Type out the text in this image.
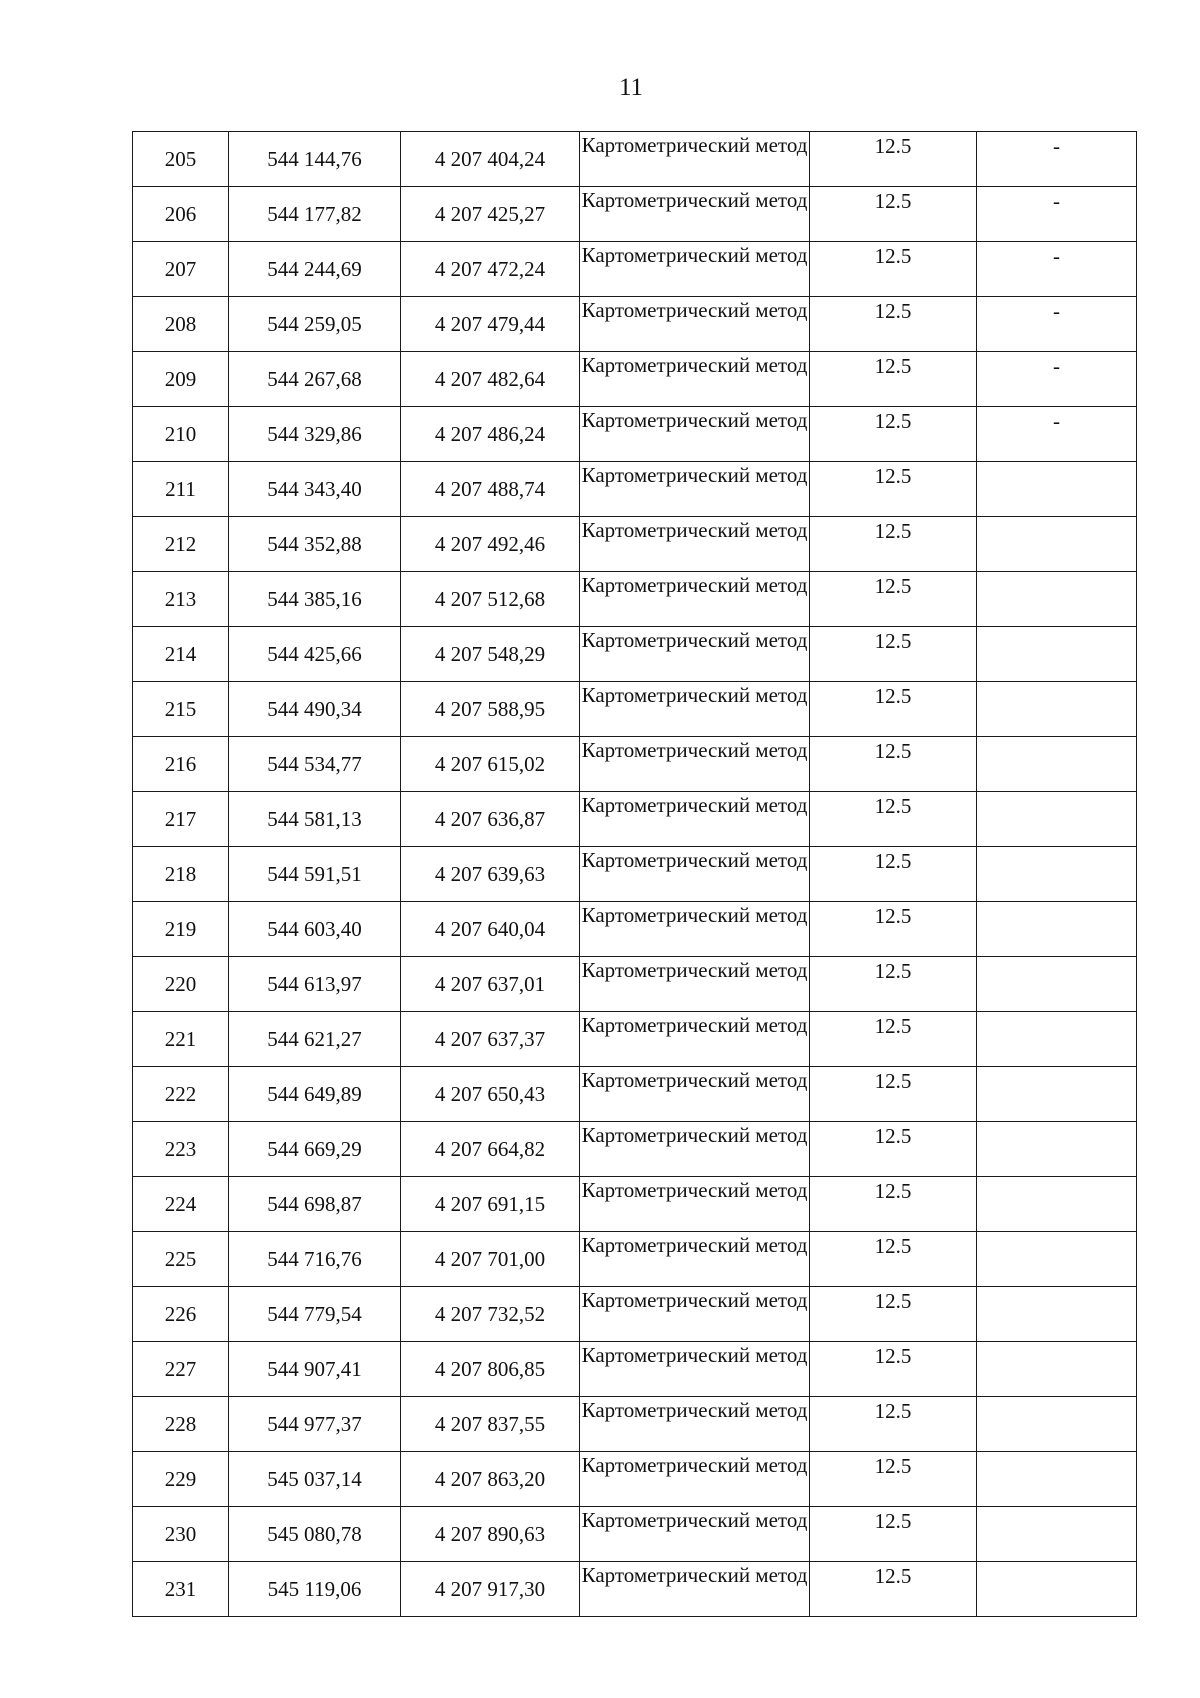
11
205	544 144,76	4 207 404,24	Картометрический метод	12.5	-
206	544 177,82	4 207 425,27	Картометрический метод	12.5	-
207	544 244,69	4 207 472,24	Картометрический метод	12.5	-
208	544 259,05	4 207 479,44	Картометрический метод	12.5	-
209	544 267,68	4 207 482,64	Картометрический метод	12.5	-
210	544 329,86	4 207 486,24	Картометрический метод	12.5	-
211	544 343,40	4 207 488,74	Картометрический метод	12.5	
212	544 352,88	4 207 492,46	Картометрический метод	12.5	
213	544 385,16	4 207 512,68	Картометрический метод	12.5	
214	544 425,66	4 207 548,29	Картометрический метод	12.5	
215	544 490,34	4 207 588,95	Картометрический метод	12.5	
216	544 534,77	4 207 615,02	Картометрический метод	12.5	
217	544 581,13	4 207 636,87	Картометрический метод	12.5	
218	544 591,51	4 207 639,63	Картометрический метод	12.5	
219	544 603,40	4 207 640,04	Картометрический метод	12.5	
220	544 613,97	4 207 637,01	Картометрический метод	12.5	
221	544 621,27	4 207 637,37	Картометрический метод	12.5	
222	544 649,89	4 207 650,43	Картометрический метод	12.5	
223	544 669,29	4 207 664,82	Картометрический метод	12.5	
224	544 698,87	4 207 691,15	Картометрический метод	12.5	
225	544 716,76	4 207 701,00	Картометрический метод	12.5	
226	544 779,54	4 207 732,52	Картометрический метод	12.5	
227	544 907,41	4 207 806,85	Картометрический метод	12.5	
228	544 977,37	4 207 837,55	Картометрический метод	12.5	
229	545 037,14	4 207 863,20	Картометрический метод	12.5	
230	545 080,78	4 207 890,63	Картометрический метод	12.5	
231	545 119,06	4 207 917,30	Картометрический метод	12.5	
